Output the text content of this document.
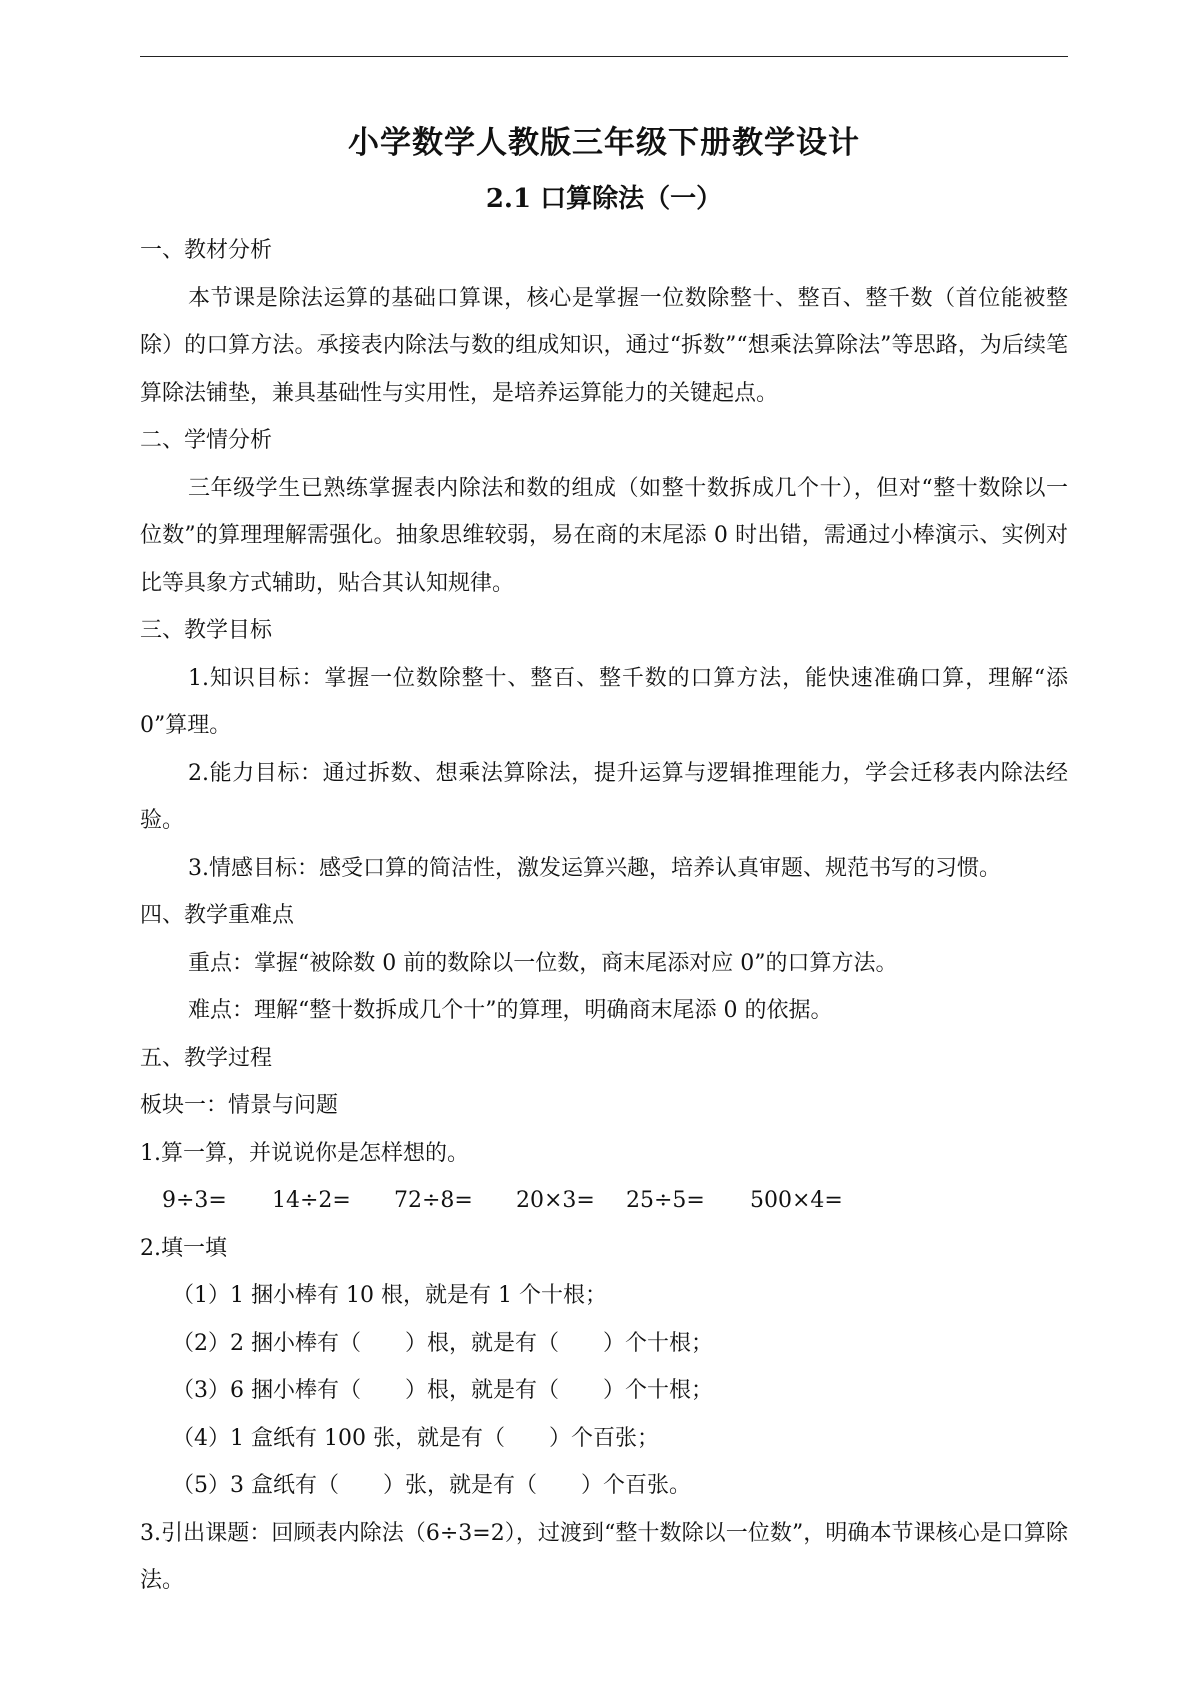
小学数学人教版三年级下册教学设计
2.1 口算除法（一）

一、教材分析

本节课是除法运算的基础口算课，核心是掌握一位数除整十、整百、整千数（首位能被整除）的口算方法。承接表内除法与数的组成知识，通过“拆数”“想乘法算除法”等思路，为后续笔算除法铺垫，兼具基础性与实用性，是培养运算能力的关键起点。

二、学情分析

三年级学生已熟练掌握表内除法和数的组成（如整十数拆成几个十），但对“整十数除以一位数”的算理理解需强化。抽象思维较弱，易在商的末尾添 0 时出错，需通过小棒演示、实例对比等具象方式辅助，贴合其认知规律。

三、教学目标

1.知识目标：掌握一位数除整十、整百、整千数的口算方法，能快速准确口算，理解“添 0”算理。

2.能力目标：通过拆数、想乘法算除法，提升运算与逻辑推理能力，学会迁移表内除法经验。

3.情感目标：感受口算的简洁性，激发运算兴趣，培养认真审题、规范书写的习惯。

四、教学重难点

重点：掌握“被除数 0 前的数除以一位数，商末尾添对应 0”的口算方法。

难点：理解“整十数拆成几个十”的算理，明确商末尾添 0 的依据。

五、教学过程

板块一：情景与问题

1.算一算，并说说你是怎样想的。

9÷3= 14÷2= 72÷8= 20×3= 25÷5= 500×4=

2.填一填

（1）1 捆小棒有 10 根，就是有 1 个十根；

（2）2 捆小棒有（　　）根，就是有（　　）个十根；

（3）6 捆小棒有（　　）根，就是有（　　）个十根；

（4）1 盒纸有 100 张，就是有（　　）个百张；

（5）3 盒纸有（　　）张，就是有（　　）个百张。

3.引出课题：回顾表内除法（6÷3=2），过渡到“整十数除以一位数”，明确本节课核心是口算除法。
